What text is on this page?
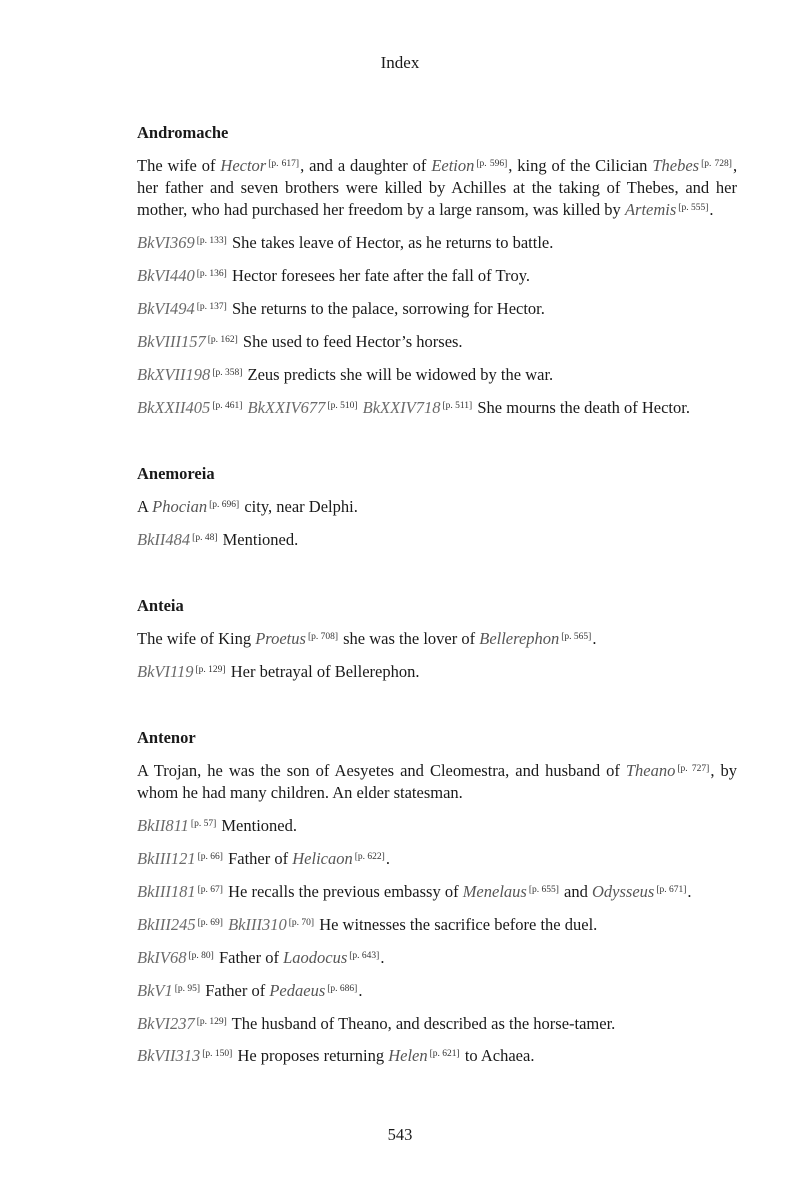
Index
Andromache

The wife of Hector [p. 617], and a daughter of Eetion [p. 596], king of the Cilician Thebes [p. 728], her father and seven brothers were killed by Achilles at the taking of Thebes, and her mother, who had purchased her freedom by a large ransom, was killed by Artemis [p. 555].

BkVI369 [p. 133] She takes leave of Hector, as he returns to battle.

BkVI440 [p. 136] Hector foresees her fate after the fall of Troy.

BkVI494 [p. 137] She returns to the palace, sorrowing for Hector.

BkVIII157 [p. 162] She used to feed Hector’s horses.

BkXVII198 [p. 358] Zeus predicts she will be widowed by the war.

BkXXII405 [p. 461] BkXXIV677 [p. 510] BkXXIV718 [p. 511] She mourns the death of Hector.

Anemoreia

A Phocian [p. 696] city, near Delphi.

BkII484 [p. 48] Mentioned.

Anteia

The wife of King Proetus [p. 708] she was the lover of Bellerephon [p. 565].

BkVI119 [p. 129] Her betrayal of Bellerephon.

Antenor

A Trojan, he was the son of Aesyetes and Cleomestra, and husband of Theano [p. 727], by whom he had many children. An elder statesman.

BkII811 [p. 57] Mentioned.

BkIII121 [p. 66] Father of Helicaon [p. 622].

BkIII181 [p. 67] He recalls the previous embassy of Menelaus [p. 655] and Odysseus [p. 671].

BkIII245 [p. 69] BkIII310 [p. 70] He witnesses the sacrifice before the duel.

BkIV68 [p. 80] Father of Laodocus [p. 643].

BkV1 [p. 95] Father of Pedaeus [p. 686].

BkVI237 [p. 129] The husband of Theano, and described as the horse-tamer.

BkVII313 [p. 150] He proposes returning Helen [p. 621] to Achaea.

543
